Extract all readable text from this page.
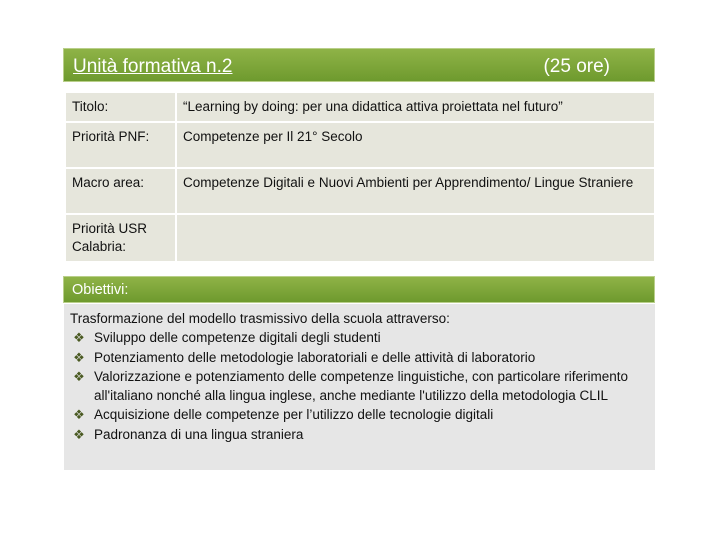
Unità formativa n.2	(25 ore)
Titolo:	“Learning by doing: per una didattica attiva proiettata nel futuro”
Priorità PNF:	Competenze per Il 21° Secolo
Macro area:	Competenze Digitali e Nuovi Ambienti per Apprendimento/ Lingue Straniere
Priorità USR Calabria:	
Obiettivi:
Trasformazione del modello trasmissivo della scuola attraverso:
❖ Sviluppo delle competenze digitali degli studenti
❖ Potenziamento delle metodologie laboratoriali e delle attività di laboratorio
❖ Valorizzazione e potenziamento delle competenze linguistiche, con particolare riferimento all'italiano nonché alla lingua inglese, anche mediante l'utilizzo della metodologia CLIL
❖ Acquisizione delle competenze per l’utilizzo delle tecnologie digitali
❖ Padronanza di una lingua straniera
